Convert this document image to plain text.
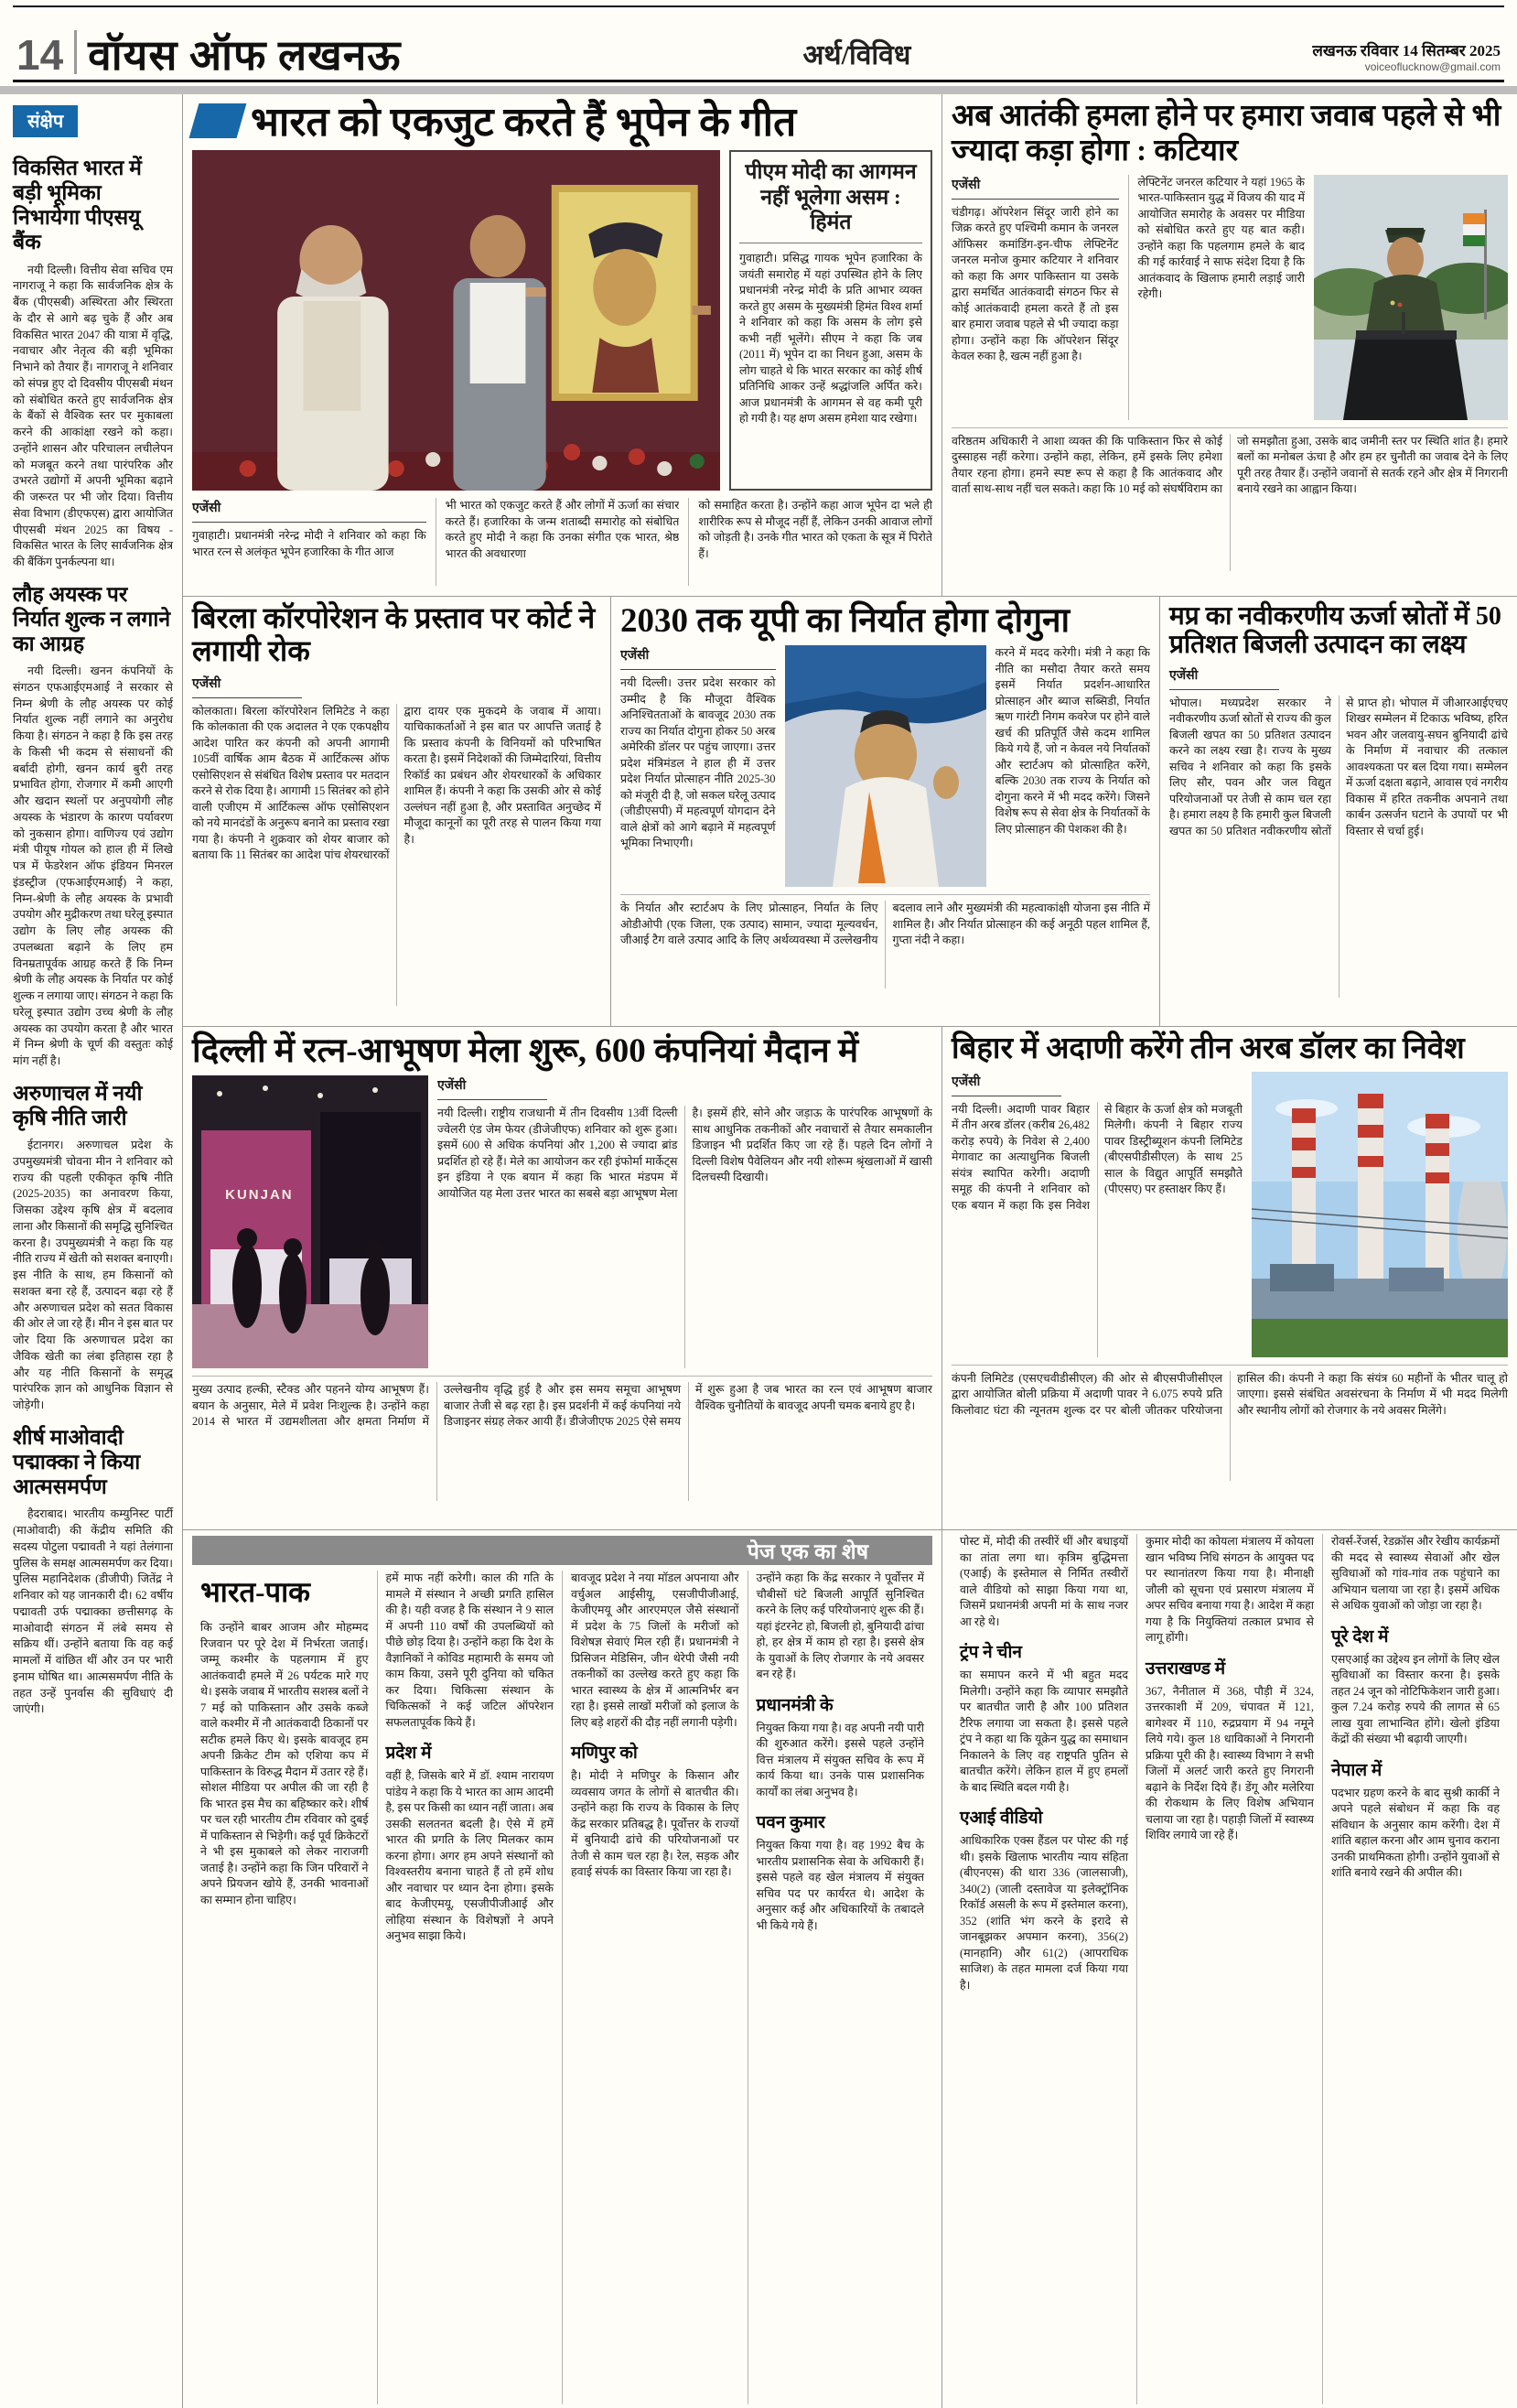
14 वॉयस ऑफ लखनऊ	अर्थ/विविध	लखनऊ रविवार 14 सितम्बर 2025
voiceoflucknow@gmail.com
संक्षेप
विकसित भारत में बड़ी भूमिका निभायेगा पीएसयू बैंक

नयी दिल्ली। वित्तीय सेवा सचिव एम नागराजू ने कहा कि सार्वजनिक क्षेत्र के बैंक (पीएसबी) अस्थिरता और स्थिरता के दौर से आगे बढ़ चुके हैं और अब विकसित भारत 2047 की यात्रा में वृद्धि, नवाचार और नेतृत्व की बड़ी भूमिका निभाने को तैयार हैं। नागराजू ने शनिवार को संपन्न हुए दो दिवसीय पीएसबी मंथन को संबोधित करते हुए सार्वजनिक क्षेत्र के बैंकों से वैश्विक स्तर पर मुकाबला करने की आकांक्षा रखने को कहा। उन्होंने शासन और परिचालन लचीलेपन को मजबूत करने तथा पारंपरिक और उभरते उद्योगों में अपनी भूमिका बढ़ाने की जरूरत पर भी जोर दिया। वित्तीय सेवा विभाग (डीएफएस) द्वारा आयोजित पीएसबी मंथन 2025 का विषय - विकसित भारत के लिए सार्वजनिक क्षेत्र की बैंकिंग पुनर्कल्पना था।

लौह अयस्क पर निर्यात शुल्क न लगाने का आग्रह

नयी दिल्ली। खनन कंपनियों के संगठन एफआईएमआई ने सरकार से निम्न श्रेणी के लौह अयस्क पर कोई निर्यात शुल्क नहीं लगाने का अनुरोध किया है। संगठन ने कहा है कि इस तरह के किसी भी कदम से संसाधनों की बर्बादी होगी, खनन कार्य बुरी तरह प्रभावित होगा, रोजगार में कमी आएगी और खदान स्थलों पर अनुपयोगी लौह अयस्क के भंडारण के कारण पर्यावरण को नुकसान होगा। वाणिज्य एवं उद्योग मंत्री पीयूष गोयल को हाल ही में लिखे पत्र में फेडरेशन ऑफ इंडियन मिनरल इंडस्ट्रीज (एफआईएमआई) ने कहा, निम्न-श्रेणी के लौह अयस्क के प्रभावी उपयोग और मुद्रीकरण तथा घरेलू इस्पात उद्योग के लिए लौह अयस्क की उपलब्धता बढ़ाने के लिए हम विनम्रतापूर्वक आग्रह करते हैं कि निम्न श्रेणी के लौह अयस्क के निर्यात पर कोई शुल्क न लगाया जाए। संगठन ने कहा कि घरेलू इस्पात उद्योग उच्च श्रेणी के लौह अयस्क का उपयोग करता है और भारत में निम्न श्रेणी के चूर्ण की वस्तुतः कोई मांग नहीं है।

अरुणाचल में नयी कृषि नीति जारी

ईटानगर। अरुणाचल प्रदेश के उपमुख्यमंत्री चोवना मीन ने शनिवार को राज्य की पहली एकीकृत कृषि नीति (2025-2035) का अनावरण किया, जिसका उद्देश्य कृषि क्षेत्र में बदलाव लाना और किसानों की समृद्धि सुनिश्चित करना है। उपमुख्यमंत्री ने कहा कि यह नीति राज्य में खेती को सशक्त बनाएगी। इस नीति के साथ, हम किसानों को सशक्त बना रहे हैं, उत्पादन बढ़ा रहे हैं और अरुणाचल प्रदेश को सतत विकास की ओर ले जा रहे हैं। मीन ने इस बात पर जोर दिया कि अरुणाचल प्रदेश का जैविक खेती का लंबा इतिहास रहा है और यह नीति किसानों के समृद्ध पारंपरिक ज्ञान को आधुनिक विज्ञान से जोड़ेगी।

शीर्ष माओवादी पद्माक्का ने किया आत्मसमर्पण

हैदराबाद। भारतीय कम्युनिस्ट पार्टी (माओवादी) की केंद्रीय समिति की सदस्य पोटुला पद्मावती ने यहां तेलंगाना पुलिस के समक्ष आत्मसमर्पण कर दिया। पुलिस महानिदेशक (डीजीपी) जितेंद्र ने शनिवार को यह जानकारी दी। 62 वर्षीय पद्मावती उर्फ पद्माक्का छत्तीसगढ़ के माओवादी संगठन में लंबे समय से सक्रिय थीं। उन्होंने बताया कि वह कई मामलों में वांछित थीं और उन पर भारी इनाम घोषित था। आत्मसमर्पण नीति के तहत उन्हें पुनर्वास की सुविधाएं दी जाएंगी।

भारत को एकजुट करते हैं भूपेन के गीत
पीएम मोदी का आगमन नहीं भूलेगा असम : हिमंत
गुवाहाटी। प्रसिद्ध गायक भूपेन हजारिका के जयंती समारोह में यहां उपस्थित होने के लिए प्रधानमंत्री नरेन्द्र मोदी के प्रति आभार व्यक्त करते हुए असम के मुख्यमंत्री हिमंत विश्व शर्मा ने शनिवार को कहा कि असम के लोग इसे कभी नहीं भूलेंगे। सीएम ने कहा कि जब (2011 में) भूपेन दा का निधन हुआ, असम के लोग चाहते थे कि भारत सरकार का कोई शीर्ष प्रतिनिधि आकर उन्हें श्रद्धांजलि अर्पित करे। आज प्रधानमंत्री के आगमन से वह कमी पूरी हो गयी है। यह क्षण असम हमेशा याद रखेगा।
एजेंसी
गुवाहाटी। प्रधानमंत्री नरेन्द्र मोदी ने शनिवार को कहा कि भारत रत्न से अलंकृत भूपेन हजारिका के गीत आज
भी भारत को एकजुट करते हैं और लोगों में ऊर्जा का संचार करते हैं। हजारिका के जन्म शताब्दी समारोह को संबोधित करते हुए मोदी ने कहा कि उनका संगीत एक भारत, श्रेष्ठ भारत की अवधारणा
को समाहित करता है। उन्होंने कहा आज भूपेन दा भले ही शारीरिक रूप से मौजूद नहीं हैं, लेकिन उनकी आवाज लोगों को जोड़ती है। उनके गीत भारत को एकता के सूत्र में पिरोते हैं।
अब आतंकी हमला होने पर हमारा जवाब पहले से भी ज्यादा कड़ा होगा : कटियार
एजेंसी
चंडीगढ़। ऑपरेशन सिंदूर जारी होने का जिक्र करते हुए पश्चिमी कमान के जनरल ऑफिसर कमांडिंग-इन-चीफ लेफ्टिनेंट जनरल मनोज कुमार कटियार ने शनिवार को कहा कि अगर पाकिस्तान या उसके द्वारा समर्थित आतंकवादी संगठन फिर से कोई आतंकवादी हमला करते हैं तो इस बार हमारा जवाब पहले से भी ज्यादा कड़ा होगा। उन्होंने कहा कि ऑपरेशन सिंदूर केवल रुका है, खत्म नहीं हुआ है।
लेफ्टिनेंट जनरल कटियार ने यहां 1965 के भारत-पाकिस्तान युद्ध में विजय की याद में आयोजित समारोह के अवसर पर मीडिया को संबोधित करते हुए यह बात कही। उन्होंने कहा कि पहलगाम हमले के बाद की गई कार्रवाई ने साफ संदेश दिया है कि आतंकवाद के खिलाफ हमारी लड़ाई जारी रहेगी।
वरिष्ठतम अधिकारी ने आशा व्यक्त की कि पाकिस्तान फिर से कोई दुस्साहस नहीं करेगा। उन्होंने कहा, लेकिन, हमें इसके लिए हमेशा तैयार रहना होगा। हमने स्पष्ट रूप से कहा है कि आतंकवाद और वार्ता साथ-साथ नहीं चल सकते। कहा कि 10 मई को संघर्षविराम का जो समझौता हुआ, उसके बाद जमीनी स्तर पर स्थिति शांत है। हमारे बलों का मनोबल ऊंचा है और हम हर चुनौती का जवाब देने के लिए पूरी तरह तैयार हैं। उन्होंने जवानों से सतर्क रहने और क्षेत्र में निगरानी बनाये रखने का आह्वान किया।
बिरला कॉरपोरेशन के प्रस्ताव पर कोर्ट ने लगायी रोक
एजेंसी
कोलकाता। बिरला कॉरपोरेशन लिमिटेड ने कहा कि कोलकाता की एक अदालत ने एक एकपक्षीय आदेश पारित कर कंपनी को अपनी आगामी 105वीं वार्षिक आम बैठक में आर्टिकल्स ऑफ एसोसिएशन से संबंधित विशेष प्रस्ताव पर मतदान करने से रोक दिया है। आगामी 15 सितंबर को होने वाली एजीएम में आर्टिकल्स ऑफ एसोसिएशन को नये मानदंडों के अनुरूप बनाने का प्रस्ताव रखा गया है। कंपनी ने शुक्रवार को शेयर बाजार को बताया कि 11 सितंबर का आदेश पांच शेयरधारकों द्वारा दायर एक मुकदमे के जवाब में आया। याचिकाकर्ताओं ने इस बात पर आपत्ति जताई है कि प्रस्ताव कंपनी के विनियमों को परिभाषित करता है। इसमें निदेशकों की जिम्मेदारियां, वित्तीय रिकॉर्ड का प्रबंधन और शेयरधारकों के अधिकार शामिल हैं। कंपनी ने कहा कि उसकी ओर से कोई उल्लंघन नहीं हुआ है, और प्रस्तावित अनुच्छेद में मौजूदा कानूनों का पूरी तरह से पालन किया गया है।
2030 तक यूपी का निर्यात होगा दोगुना
एजेंसी
नयी दिल्ली। उत्तर प्रदेश सरकार को उम्मीद है कि मौजूदा वैश्विक अनिश्चितताओं के बावजूद 2030 तक राज्य का निर्यात दोगुना होकर 50 अरब अमेरिकी डॉलर पर पहुंच जाएगा। उत्तर प्रदेश मंत्रिमंडल ने हाल ही में उत्तर प्रदेश निर्यात प्रोत्साहन नीति 2025-30 को मंजूरी दी है, जो सकल घरेलू उत्पाद (जीडीएसपी) में महत्वपूर्ण योगदान देने वाले क्षेत्रों को आगे बढ़ाने में महत्वपूर्ण भूमिका निभाएगी।
करने में मदद करेगी। मंत्री ने कहा कि नीति का मसौदा तैयार करते समय इसमें निर्यात प्रदर्शन-आधारित प्रोत्साहन और ब्याज सब्सिडी, निर्यात ऋण गारंटी निगम कवरेज पर होने वाले खर्च की प्रतिपूर्ति जैसे कदम शामिल किये गये हैं, जो न केवल नये निर्यातकों और स्टार्टअप को प्रोत्साहित करेंगे, बल्कि 2030 तक राज्य के निर्यात को दोगुना करने में भी मदद करेंगे। जिसने विशेष रूप से सेवा क्षेत्र के निर्यातकों के लिए प्रोत्साहन की पेशकश की है।
के निर्यात और स्टार्टअप के लिए प्रोत्साहन, निर्यात के लिए ओडीओपी (एक जिला, एक उत्पाद) सामान, ज्यादा मूल्यवर्धन, जीआई टैग वाले उत्पाद आदि के लिए अर्थव्यवस्था में उल्लेखनीय बदलाव लाने और मुख्यमंत्री की महत्वाकांक्षी योजना इस नीति में शामिल है। और निर्यात प्रोत्साहन की कई अनूठी पहल शामिल हैं, गुप्ता नंदी ने कहा।
मप्र का नवीकरणीय ऊर्जा स्रोतों में 50 प्रतिशत बिजली उत्पादन का लक्ष्य
एजेंसी
भोपाल। मध्यप्रदेश सरकार ने नवीकरणीय ऊर्जा स्रोतों से राज्य की कुल बिजली खपत का 50 प्रतिशत उत्पादन करने का लक्ष्य रखा है। राज्य के मुख्य सचिव ने शनिवार को कहा कि इसके लिए सौर, पवन और जल विद्युत परियोजनाओं पर तेजी से काम चल रहा है। हमारा लक्ष्य है कि हमारी कुल बिजली खपत का 50 प्रतिशत नवीकरणीय स्रोतों से प्राप्त हो। भोपाल में जीआरआईएचए शिखर सम्मेलन में टिकाऊ भविष्य, हरित भवन और जलवायु-सघन बुनियादी ढांचे के निर्माण में नवाचार की तत्काल आवश्यकता पर बल दिया गया। सम्मेलन में ऊर्जा दक्षता बढ़ाने, आवास एवं नगरीय विकास में हरित तकनीक अपनाने तथा कार्बन उत्सर्जन घटाने के उपायों पर भी विस्तार से चर्चा हुई।
दिल्ली में रत्न-आभूषण मेला शुरू, 600 कंपनियां मैदान में
KUNJAN
एजेंसी
नयी दिल्ली। राष्ट्रीय राजधानी में तीन दिवसीय 13वीं दिल्ली ज्वेलरी एंड जेम फेयर (डीजेजीएफ) शनिवार को शुरू हुआ। इसमें 600 से अधिक कंपनियां और 1,200 से ज्यादा ब्रांड प्रदर्शित हो रहे हैं। मेले का आयोजन कर रही इंफोर्मा मार्केट्स इन इंडिया ने एक बयान में कहा कि भारत मंडपम में आयोजित यह मेला उत्तर भारत का सबसे बड़ा आभूषण मेला है। इसमें हीरे, सोने और जड़ाऊ के पारंपरिक आभूषणों के साथ आधुनिक तकनीकों और नवाचारों से तैयार समकालीन डिजाइन भी प्रदर्शित किए जा रहे हैं। पहले दिन लोगों ने दिल्ली विशेष पैवेलियन और नयी शोरूम श्रृंखलाओं में खासी दिलचस्पी दिखायी।
मुख्य उत्पाद हल्की, स्टैक्ड और पहनने योग्य आभूषण हैं। बयान के अनुसार, मेले में प्रवेश निःशुल्क है। उन्होंने कहा 2014 से भारत में उद्यमशीलता और क्षमता निर्माण में उल्लेखनीय वृद्धि हुई है और इस समय समूचा आभूषण बाजार तेजी से बढ़ रहा है। इस प्रदर्शनी में कई कंपनियां नये डिजाइनर संग्रह लेकर आयी हैं। डीजेजीएफ 2025 ऐसे समय में शुरू हुआ है जब भारत का रत्न एवं आभूषण बाजार वैश्विक चुनौतियों के बावजूद अपनी चमक बनाये हुए है।
बिहार में अदाणी करेंगे तीन अरब डॉलर का निवेश
एजेंसी
नयी दिल्ली। अदाणी पावर बिहार में तीन अरब डॉलर (करीब 26,482 करोड़ रुपये) के निवेश से 2,400 मेगावाट का अत्याधुनिक बिजली संयंत्र स्थापित करेगी। अदाणी समूह की कंपनी ने शनिवार को एक बयान में कहा कि इस निवेश से बिहार के ऊर्जा क्षेत्र को मजबूती मिलेगी। कंपनी ने बिहार राज्य पावर डिस्ट्रीब्यूशन कंपनी लिमिटेड (बीएसपीडीसीएल) के साथ 25 साल के विद्युत आपूर्ति समझौते (पीएसए) पर हस्ताक्षर किए हैं।
कंपनी लिमिटेड (एसएचवीडीसीएल) की ओर से बीएसपीजीसीएल द्वारा आयोजित बोली प्रक्रिया में अदाणी पावर ने 6.075 रुपये प्रति किलोवाट घंटा की न्यूनतम शुल्क दर पर बोली जीतकर परियोजना हासिल की। कंपनी ने कहा कि संयंत्र 60 महीनों के भीतर चालू हो जाएगा। इससे संबंधित अवसंरचना के निर्माण में भी मदद मिलेगी और स्थानीय लोगों को रोजगार के नये अवसर मिलेंगे।
पेज एक का शेष
भारत-पाक
कि उन्होंने बाबर आजम और मोहम्मद रिजवान पर पूरे देश में निर्भरता जताई। जम्मू कश्मीर के पहलगाम में हुए आतंकवादी हमले में 26 पर्यटक मारे गए थे। इसके जवाब में भारतीय सशस्त्र बलों ने 7 मई को पाकिस्तान और उसके कब्जे वाले कश्मीर में नौ आतंकवादी ठिकानों पर सटीक हमले किए थे। इसके बावजूद हम अपनी क्रिकेट टीम को एशिया कप में पाकिस्तान के विरुद्ध मैदान में उतार रहे हैं। सोशल मीडिया पर अपील की जा रही है कि भारत इस मैच का बहिष्कार करे। शीर्ष पर चल रही भारतीय टीम रविवार को दुबई में पाकिस्तान से भिड़ेगी। कई पूर्व क्रिकेटरों ने भी इस मुकाबले को लेकर नाराजगी जताई है। उन्होंने कहा कि जिन परिवारों ने अपने प्रियजन खोये हैं, उनकी भावनाओं का सम्मान होना चाहिए।
हमें माफ नहीं करेगी। काल की गति के मामले में संस्थान ने अच्छी प्रगति हासिल की है। यही वजह है कि संस्थान ने 9 साल में अपनी 110 वर्षों की उपलब्धियों को पीछे छोड़ दिया है। उन्होंने कहा कि देश के वैज्ञानिकों ने कोविड महामारी के समय जो काम किया, उसने पूरी दुनिया को चकित कर दिया। चिकित्सा संस्थान के चिकित्सकों ने कई जटिल ऑपरेशन सफलतापूर्वक किये हैं।
प्रदेश में
वहीं है, जिसके बारे में डॉ. श्याम नारायण पांडेय ने कहा कि ये भारत का आम आदमी है, इस पर किसी का ध्यान नहीं जाता। अब उसकी सलतनत बदली है। ऐसे में हमें भारत की प्रगति के लिए मिलकर काम करना होगा। अगर हम अपने संस्थानों को विश्वस्तरीय बनाना चाहते हैं तो हमें शोध और नवाचार पर ध्यान देना होगा। इसके बाद केजीएमयू, एसजीपीजीआई और लोहिया संस्थान के विशेषज्ञों ने अपने अनुभव साझा किये।
बावजूद प्रदेश ने नया मॉडल अपनाया और वर्चुअल आईसीयू, एसजीपीजीआई, केजीएमयू और आरएमएल जैसे संस्थानों में प्रदेश के 75 जिलों के मरीजों को विशेषज्ञ सेवाएं मिल रही हैं। प्रधानमंत्री ने प्रिसिजन मेडिसिन, जीन थेरेपी जैसी नयी तकनीकों का उल्लेख करते हुए कहा कि भारत स्वास्थ्य के क्षेत्र में आत्मनिर्भर बन रहा है। इससे लाखों मरीजों को इलाज के लिए बड़े शहरों की दौड़ नहीं लगानी पड़ेगी।
मणिपुर को
है। मोदी ने मणिपुर के किसान और व्यवसाय जगत के लोगों से बातचीत की। उन्होंने कहा कि राज्य के विकास के लिए केंद्र सरकार प्रतिबद्ध है। पूर्वोत्तर के राज्यों में बुनियादी ढांचे की परियोजनाओं पर तेजी से काम चल रहा है। रेल, सड़क और हवाई संपर्क का विस्तार किया जा रहा है।
उन्होंने कहा कि केंद्र सरकार ने पूर्वोत्तर में चौबीसों घंटे बिजली आपूर्ति सुनिश्चित करने के लिए कई परियोजनाएं शुरू की हैं। यहां इंटरनेट हो, बिजली हो, बुनियादी ढांचा हो, हर क्षेत्र में काम हो रहा है। इससे क्षेत्र के युवाओं के लिए रोजगार के नये अवसर बन रहे हैं।
प्रधानमंत्री के
नियुक्त किया गया है। वह अपनी नयी पारी की शुरुआत करेंगे। इससे पहले उन्होंने वित्त मंत्रालय में संयुक्त सचिव के रूप में कार्य किया था। उनके पास प्रशासनिक कार्यों का लंबा अनुभव है।
पवन कुमार
नियुक्त किया गया है। वह 1992 बैच के भारतीय प्रशासनिक सेवा के अधिकारी हैं। इससे पहले वह खेल मंत्रालय में संयुक्त सचिव पद पर कार्यरत थे। आदेश के अनुसार कई और अधिकारियों के तबादले भी किये गये हैं।
पोस्ट में, मोदी की तस्वीरें थीं और बधाइयों का तांता लगा था। कृत्रिम बुद्धिमत्ता (एआई) के इस्तेमाल से निर्मित तस्वीरों वाले वीडियो को साझा किया गया था, जिसमें प्रधानमंत्री अपनी मां के साथ नजर आ रहे थे।
ट्रंप ने चीन
का समापन करने में भी बहुत मदद मिलेगी। उन्होंने कहा कि व्यापार समझौते पर बातचीत जारी है और 100 प्रतिशत टैरिफ लगाया जा सकता है। इससे पहले ट्रंप ने कहा था कि यूक्रेन युद्ध का समाधान निकालने के लिए वह राष्ट्रपति पुतिन से बातचीत करेंगे। लेकिन हाल में हुए हमलों के बाद स्थिति बदल गयी है।
एआई वीडियो
आधिकारिक एक्स हैंडल पर पोस्ट की गई थी। इसके खिलाफ भारतीय न्याय संहिता (बीएनएस) की धारा 336 (जालसाजी), 340(2) (जाली दस्तावेज या इलेक्ट्रॉनिक रिकॉर्ड असली के रूप में इस्तेमाल करना), 352 (शांति भंग करने के इरादे से जानबूझकर अपमान करना), 356(2) (मानहानि) और 61(2) (आपराधिक साजिश) के तहत मामला दर्ज किया गया है।
कुमार मोदी का कोयला मंत्रालय में कोयला खान भविष्य निधि संगठन के आयुक्त पद पर स्थानांतरण किया गया है। मीनाक्षी जौली को सूचना एवं प्रसारण मंत्रालय में अपर सचिव बनाया गया है। आदेश में कहा गया है कि नियुक्तियां तत्काल प्रभाव से लागू होंगी।
उत्तराखण्ड में
367, नैनीताल में 368, पौड़ी में 324, उत्तरकाशी में 209, चंपावत में 121, बागेश्वर में 110, रुद्रप्रयाग में 94 नमूने लिये गये। कुल 18 धाविकाओं ने निगरानी प्रक्रिया पूरी की है। स्वास्थ्य विभाग ने सभी जिलों में अलर्ट जारी करते हुए निगरानी बढ़ाने के निर्देश दिये हैं। डेंगू और मलेरिया की रोकथाम के लिए विशेष अभियान चलाया जा रहा है। पहाड़ी जिलों में स्वास्थ्य शिविर लगाये जा रहे हैं।
रोवर्स-रेंजर्स, रेडक्रॉस और रेखीय कार्यक्रमों की मदद से स्वास्थ्य सेवाओं और खेल सुविधाओं को गांव-गांव तक पहुंचाने का अभियान चलाया जा रहा है। इसमें अधिक से अधिक युवाओं को जोड़ा जा रहा है।
पूरे देश में
एसएआई का उद्देश्य इन लोगों के लिए खेल सुविधाओं का विस्तार करना है। इसके तहत 24 जून को नोटिफिकेशन जारी हुआ। कुल 7.24 करोड़ रुपये की लागत से 65 लाख युवा लाभान्वित होंगे। खेलो इंडिया केंद्रों की संख्या भी बढ़ायी जाएगी।
नेपाल में
पदभार ग्रहण करने के बाद सुश्री कार्की ने अपने पहले संबोधन में कहा कि वह संविधान के अनुसार काम करेंगी। देश में शांति बहाल करना और आम चुनाव कराना उनकी प्राथमिकता होगी। उन्होंने युवाओं से शांति बनाये रखने की अपील की।
